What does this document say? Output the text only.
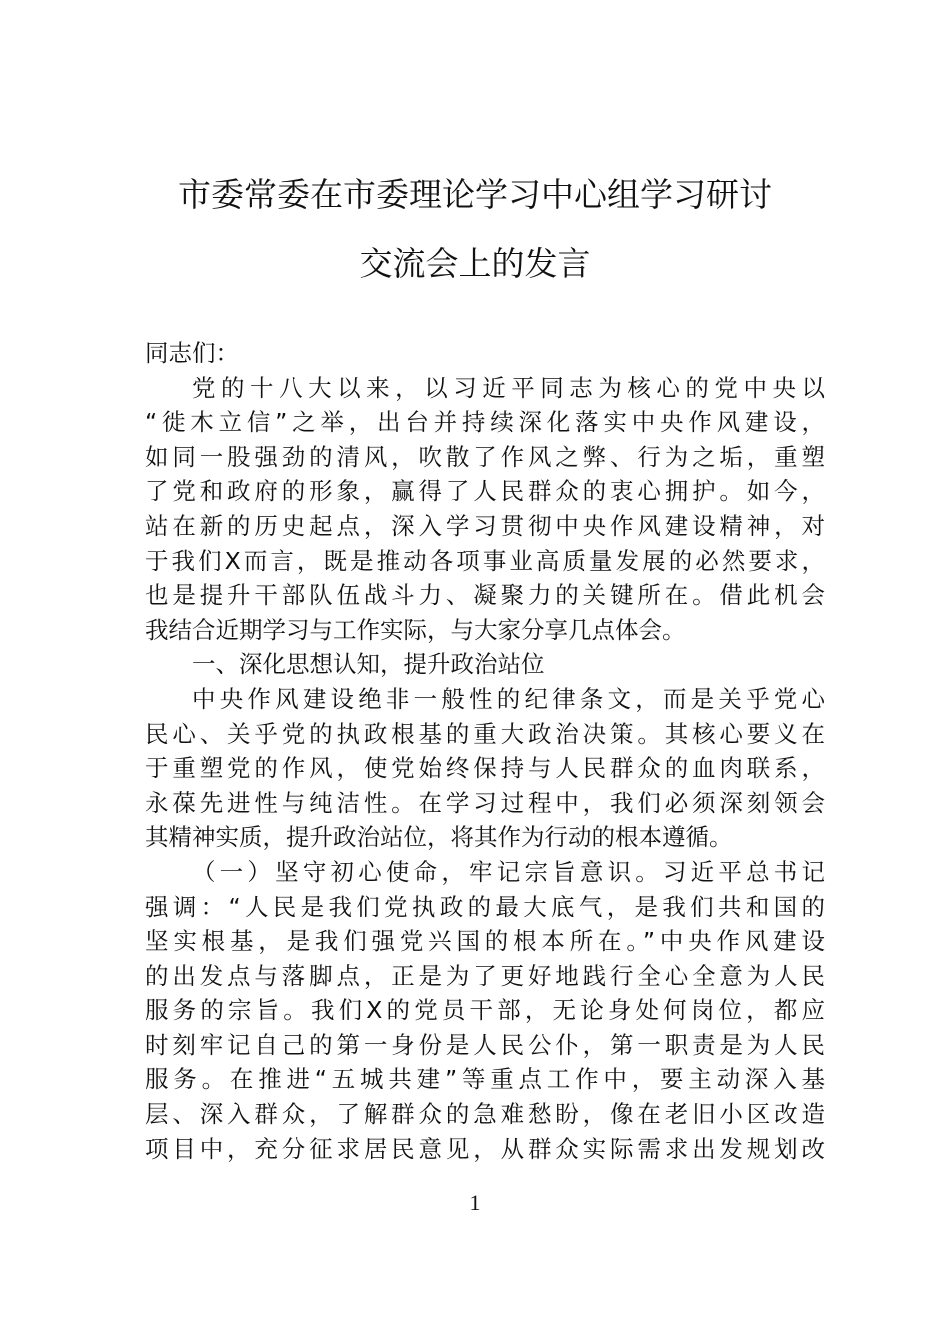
市委常委在市委理论学习中心组学习研讨
交流会上的发言
同志们：
党的十八大以来，以习近平同志为核心的党中央以
“徙木立信”之举，出台并持续深化落实中央作风建设，
如同一股强劲的清风，吹散了作风之弊、行为之垢，重塑
了党和政府的形象，赢得了人民群众的衷心拥护。如今，
站在新的历史起点，深入学习贯彻中央作风建设精神，对
于我们X而言，既是推动各项事业高质量发展的必然要求，
也是提升干部队伍战斗力、凝聚力的关键所在。借此机会
我结合近期学习与工作实际，与大家分享几点体会。
一、深化思想认知，提升政治站位
中央作风建设绝非一般性的纪律条文，而是关乎党心
民心、关乎党的执政根基的重大政治决策。其核心要义在
于重塑党的作风，使党始终保持与人民群众的血肉联系，
永葆先进性与纯洁性。在学习过程中，我们必须深刻领会
其精神实质，提升政治站位，将其作为行动的根本遵循。
（一）坚守初心使命，牢记宗旨意识。习近平总书记
强调：“人民是我们党执政的最大底气，是我们共和国的
坚实根基，是我们强党兴国的根本所在。”中央作风建设
的出发点与落脚点，正是为了更好地践行全心全意为人民
服务的宗旨。我们X的党员干部，无论身处何岗位，都应
时刻牢记自己的第一身份是人民公仆，第一职责是为人民
服务。在推进“五城共建”等重点工作中，要主动深入基
层、深入群众，了解群众的急难愁盼，像在老旧小区改造
项目中，充分征求居民意见，从群众实际需求出发规划改
1
